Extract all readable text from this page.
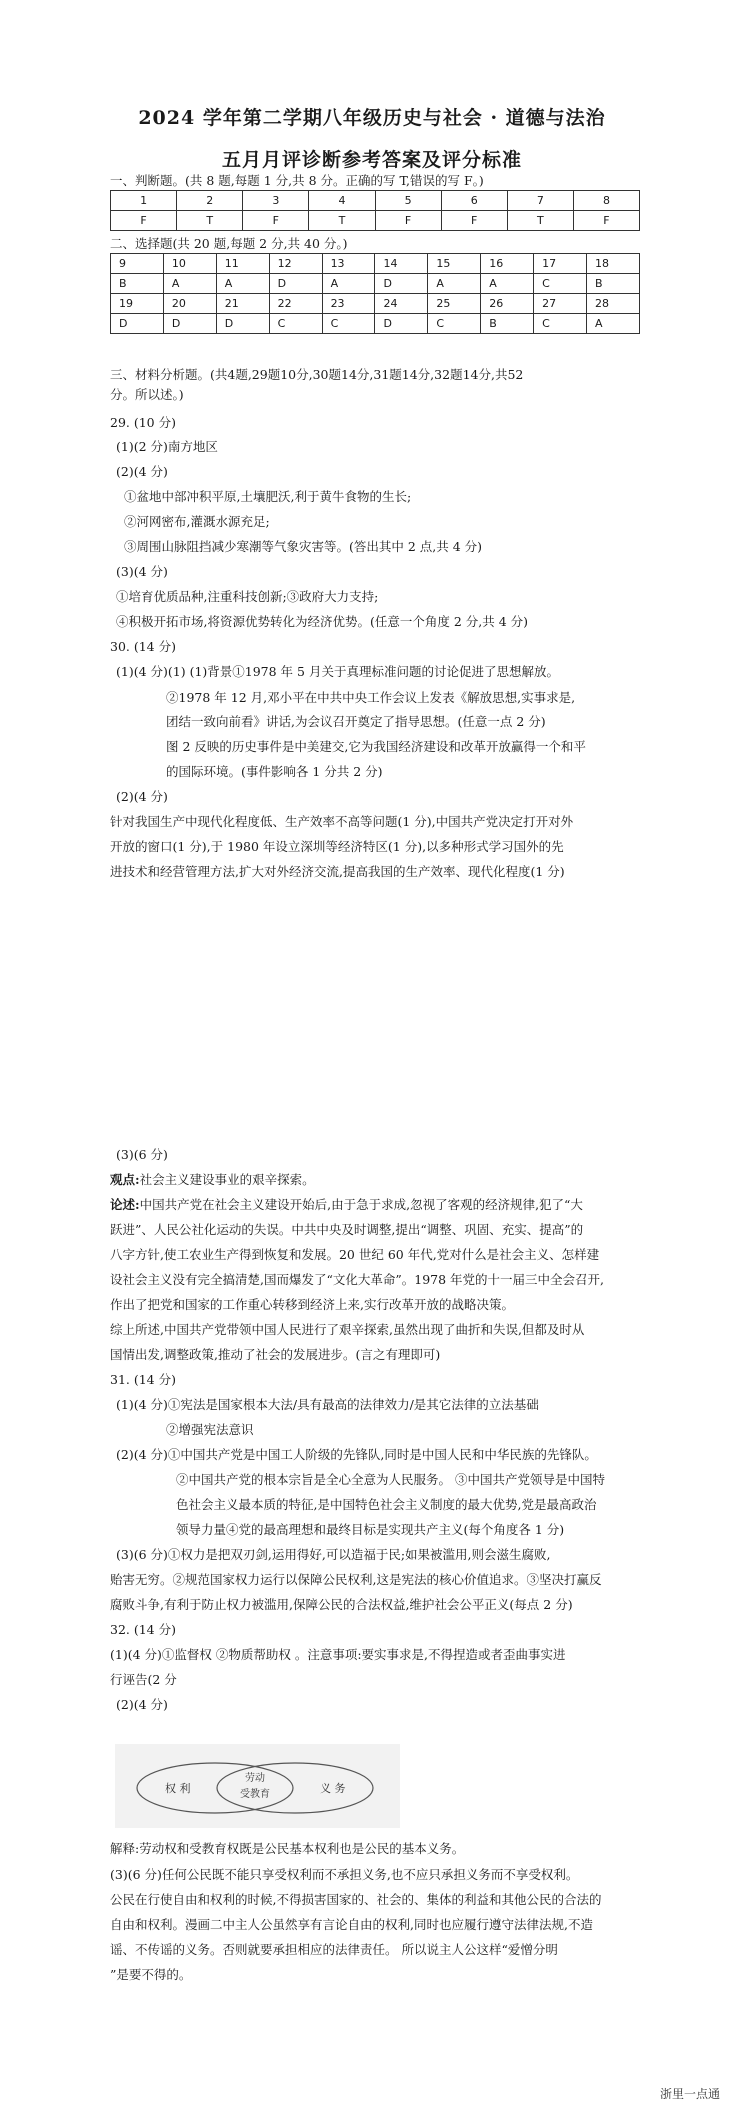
2024 学年第二学期八年级历史与社会 · 道德与法治
五月月评诊断参考答案及评分标准
一、判断题。(共 8 题,每题 1 分,共 8 分。正确的写 T,错误的写 F。)
1	2	3	4	5	6	7	8
F	T	F	T	F	F	T	F
二、选择题(共 20 题,每题 2 分,共 40 分。)
9	10	11	12	13	14	15	16	17	18
B	A	A	D	A	D	A	A	C	B
19	20	21	22	23	24	25	26	27	28
D	D	D	C	C	D	C	B	C	A
三、材料分析题。(共4题,29题10分,30题14分,31题14分,32题14分,共52
分。所以述。)
29. (10 分)
(1)(2 分)南方地区
(2)(4 分)
①盆地中部冲积平原,土壤肥沃,利于黄牛食物的生长;
②河网密布,灌溉水源充足;
③周围山脉阻挡减少寒潮等气象灾害等。(答出其中 2 点,共 4 分)
(3)(4 分)
①培育优质品种,注重科技创新;③政府大力支持;
④积极开拓市场,将资源优势转化为经济优势。(任意一个角度 2 分,共 4 分)
30. (14 分)
(1)(4 分)(1) (1)背景①1978 年 5 月关于真理标准问题的讨论促进了思想解放。
②1978 年 12 月,邓小平在中共中央工作会议上发表《解放思想,实事求是,
团结一致向前看》讲话,为会议召开奠定了指导思想。(任意一点 2 分)
图 2 反映的历史事件是中美建交,它为我国经济建设和改革开放赢得一个和平
的国际环境。(事件影响各 1 分共 2 分)
(2)(4 分)
针对我国生产中现代化程度低、生产效率不高等问题(1 分),中国共产党决定打开对外
开放的窗口(1 分),于 1980 年设立深圳等经济特区(1 分),以多种形式学习国外的先
进技术和经营管理方法,扩大对外经济交流,提高我国的生产效率、现代化程度(1 分)
(3)(6 分)
观点:社会主义建设事业的艰辛探索。
论述:中国共产党在社会主义建设开始后,由于急于求成,忽视了客观的经济规律,犯了“大
跃进”、人民公社化运动的失误。中共中央及时调整,提出“调整、巩固、充实、提高”的
八字方针,使工农业生产得到恢复和发展。20 世纪 60 年代,党对什么是社会主义、怎样建
设社会主义没有完全搞清楚,国而爆发了“文化大革命”。1978 年党的十一届三中全会召开,
作出了把党和国家的工作重心转移到经济上来,实行改革开放的战略决策。
综上所述,中国共产党带领中国人民进行了艰辛探索,虽然出现了曲折和失误,但都及时从
国情出发,调整政策,推动了社会的发展进步。(言之有理即可)
31. (14 分)
(1)(4 分)①宪法是国家根本大法/具有最高的法律效力/是其它法律的立法基础
②增强宪法意识
(2)(4 分)①中国共产党是中国工人阶级的先锋队,同时是中国人民和中华民族的先锋队。
②中国共产党的根本宗旨是全心全意为人民服务。 ③中国共产党领导是中国特
色社会主义最本质的特征,是中国特色社会主义制度的最大优势,党是最高政治
领导力量④党的最高理想和最终目标是实现共产主义(每个角度各 1 分)
(3)(6 分)①权力是把双刃剑,运用得好,可以造福于民;如果被滥用,则会滋生腐败,
贻害无穷。②规范国家权力运行以保障公民权利,这是宪法的核心价值追求。③坚决打赢反
腐败斗争,有利于防止权力被滥用,保障公民的合法权益,维护社会公平正义(每点 2 分)
32. (14 分)
(1)(4 分)①监督权 ②物质帮助权 。注意事项:要实事求是,不得捏造或者歪曲事实进
行诬告(2 分
(2)(4 分)
权 利
劳动
受教育	义 务
解释:劳动权和受教育权既是公民基本权利也是公民的基本义务。
(3)(6 分)任何公民既不能只享受权利而不承担义务,也不应只承担义务而不享受权利。
公民在行使自由和权利的时候,不得损害国家的、社会的、集体的利益和其他公民的合法的
自由和权利。漫画二中主人公虽然享有言论自由的权利,同时也应履行遵守法律法规,不造
谣、不传谣的义务。否则就要承担相应的法律责任。 所以说主人公这样“爱憎分明
”是要不得的。
浙里一点通
